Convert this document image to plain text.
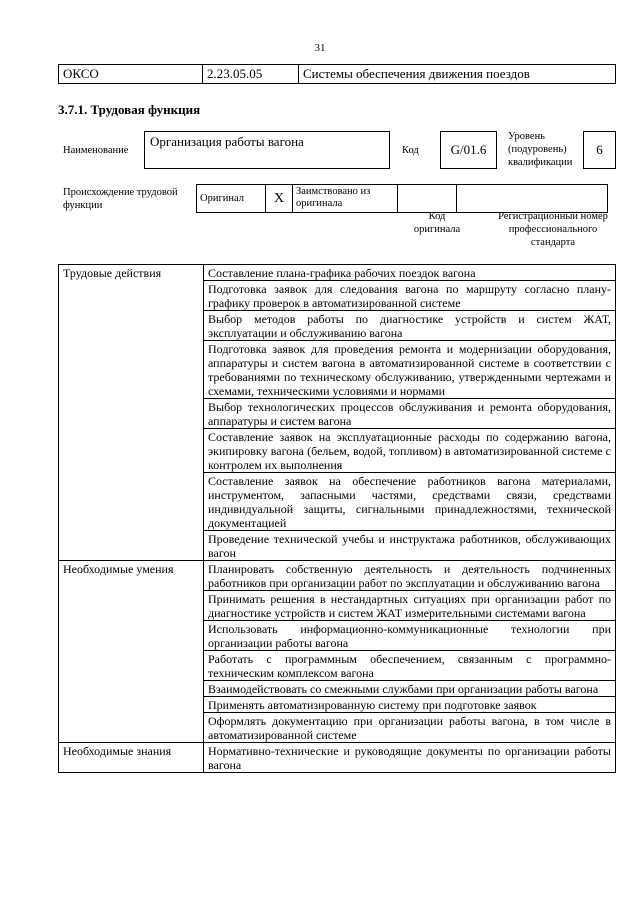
31
ОКСО	2.23.05.05	Системы обеспечения движения поездов
3.7.1. Трудовая функция
Наименование
Организация работы вагона
Код	G/01.6
Уровень
(подуровень)
квалификации
6
Происхождение трудовой
функции
Оригинал	X	Заимствовано из
оригинала

Код
оригинала
Регистрационный номер
профессионального
стандарта
Трудовые действия	Составление плана-графика рабочих поездок вагона
	Подготовка заявок для следования вагона по маршруту согласно плану-графику проверок в автоматизированной системе
	Выбор методов работы по диагностике устройств и систем ЖАТ, эксплуатации и обслуживанию вагона
	Подготовка заявок для проведения ремонта и модернизации оборудования, аппаратуры и систем вагона в автоматизированной системе в соответствии с требованиями по техническому обслуживанию, утвержденными чертежами и схемами, техническими условиями и нормами
	Выбор технологических процессов обслуживания и ремонта оборудования, аппаратуры и систем вагона
	Составление заявок на эксплуатационные расходы по содержанию вагона, экипировку вагона (бельем, водой, топливом) в автоматизированной системе с контролем их выполнения
	Составление заявок на обеспечение работников вагона материалами, инструментом, запасными частями, средствами связи, средствами индивидуальной защиты, сигнальными принадлежностями, технической документацией
	Проведение технической учебы и инструктажа работников, обслуживающих вагон
Необходимые умения	Планировать собственную деятельность и деятельность подчиненных работников при организации работ по эксплуатации и обслуживанию вагона
	Принимать решения в нестандартных ситуациях при организации работ по диагностике устройств и систем ЖАТ измерительными системами вагона
	Использовать информационно-коммуникационные технологии при организации работы вагона
	Работать с программным обеспечением, связанным с программно-техническим комплексом вагона
	Взаимодействовать со смежными службами при организации работы вагона
	Применять автоматизированную систему при подготовке заявок
	Оформлять документацию при организации работы вагона, в том числе в автоматизированной системе
Необходимые знания	Нормативно-технические и руководящие документы по организации работы вагона
